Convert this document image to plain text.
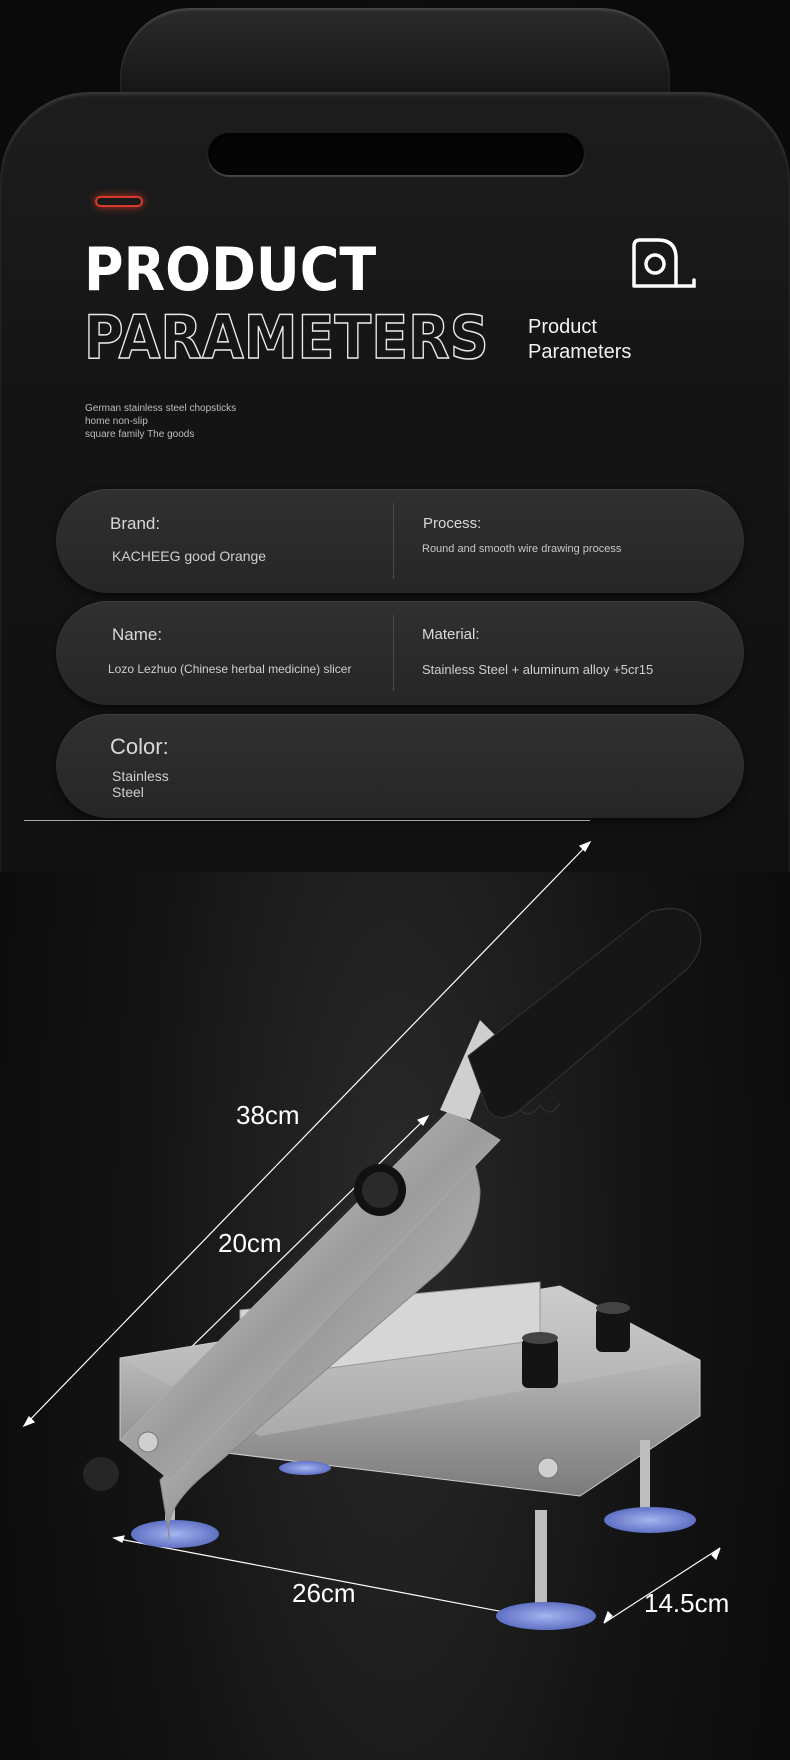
PRODUCT
PARAMETERS
German stainless steel chopsticks
home non-slip
square family The goods
Product
Parameters
Brand:
KACHEEG good Orange
Process:
Round and smooth wire drawing process
Name:
Lozo Lezhuo (Chinese herbal medicine) slicer
Material:
Stainless Steel + aluminum alloy +5cr15
Color:
Stainless
Steel
38cm
20cm
26cm	14.5cm
